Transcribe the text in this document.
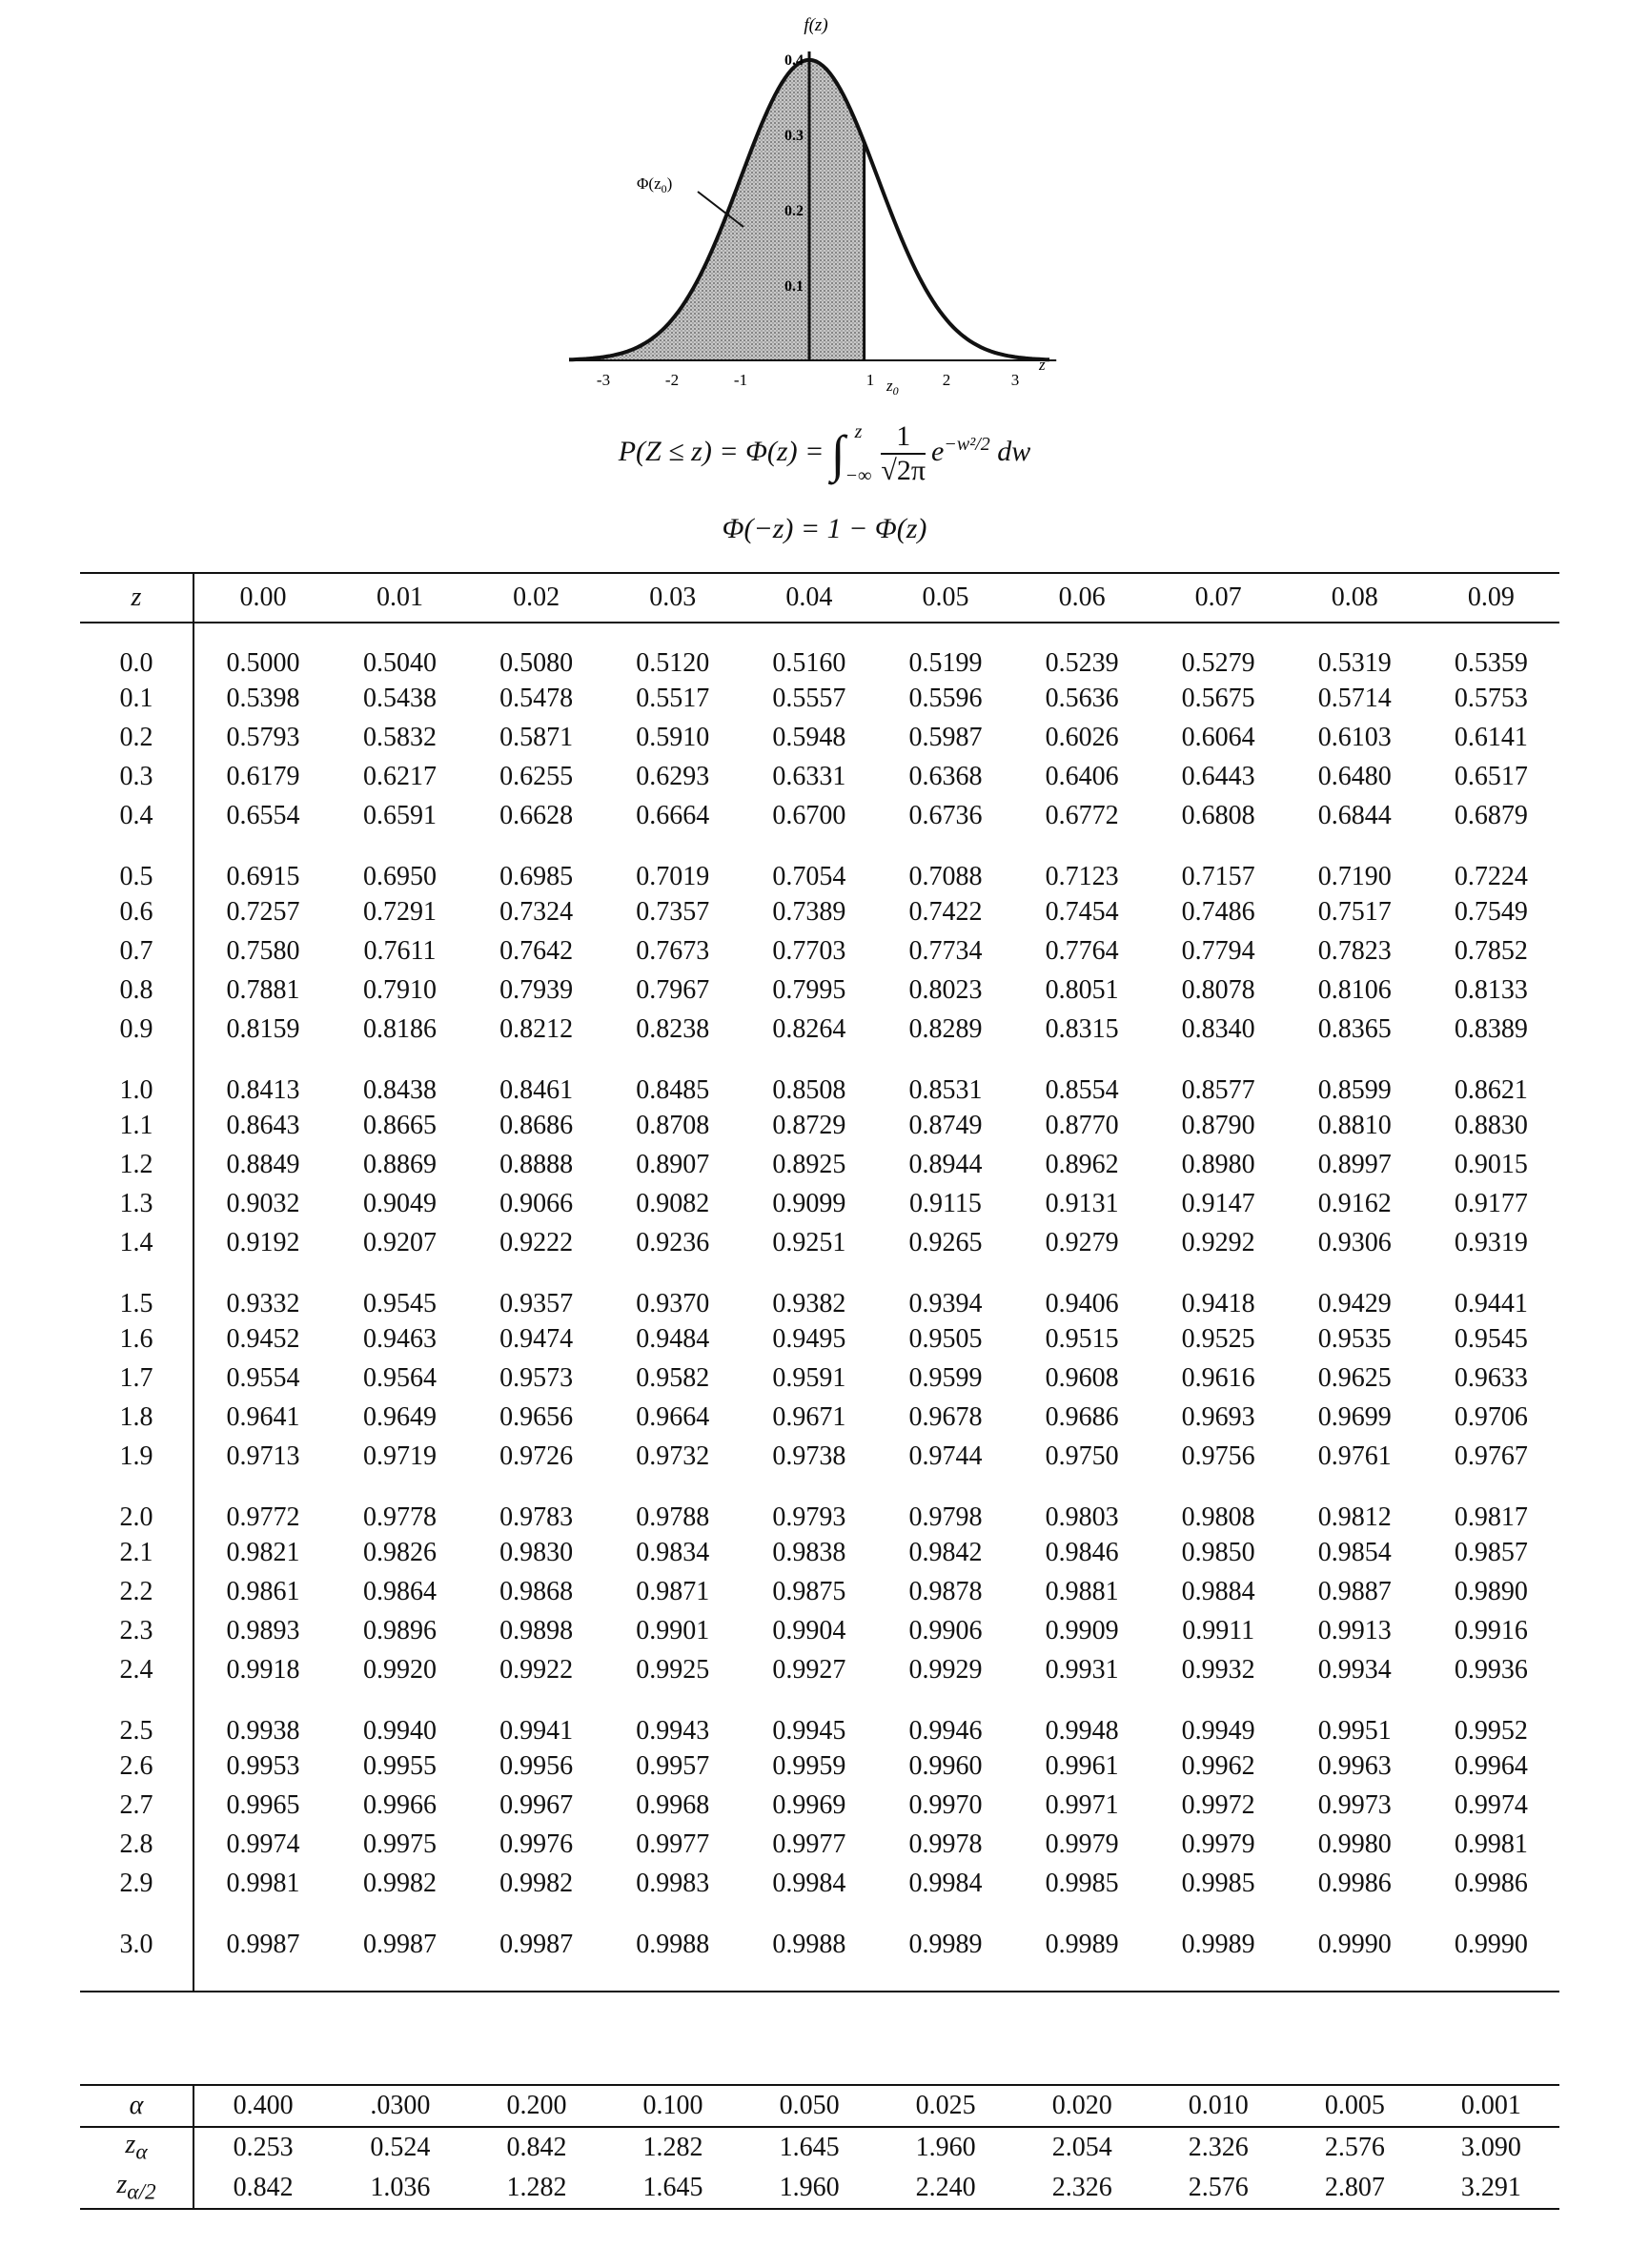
0.4
0.3
0.2
0.1
-3	-2	-1	1	2	3
f(z)
z
$\Phi(z_0)$
$z_0$
P(Z ≤ z) = Φ(z) = ∫ z
−∞ $\frac{1}{√2\pi} e^{-w^2/2}$ dw
Φ(−z) = 1 − Φ(z)
z	0.00	0.01	0.02	0.03	0.04	0.05	0.06	0.07	0.08	0.09
0.0	0.5000	0.5040	0.5080	0.5120	0.5160	0.5199	0.5239	0.5279	0.5319	0.5359
0.1	0.5398	0.5438	0.5478	0.5517	0.5557	0.5596	0.5636	0.5675	0.5714	0.5753
0.2	0.5793	0.5832	0.5871	0.5910	0.5948	0.5987	0.6026	0.6064	0.6103	0.6141
0.3	0.6179	0.6217	0.6255	0.6293	0.6331	0.6368	0.6406	0.6443	0.6480	0.6517
0.4	0.6554	0.6591	0.6628	0.6664	0.6700	0.6736	0.6772	0.6808	0.6844	0.6879
0.5	0.6915	0.6950	0.6985	0.7019	0.7054	0.7088	0.7123	0.7157	0.7190	0.7224
0.6	0.7257	0.7291	0.7324	0.7357	0.7389	0.7422	0.7454	0.7486	0.7517	0.7549
0.7	0.7580	0.7611	0.7642	0.7673	0.7703	0.7734	0.7764	0.7794	0.7823	0.7852
0.8	0.7881	0.7910	0.7939	0.7967	0.7995	0.8023	0.8051	0.8078	0.8106	0.8133
0.9	0.8159	0.8186	0.8212	0.8238	0.8264	0.8289	0.8315	0.8340	0.8365	0.8389
1.0	0.8413	0.8438	0.8461	0.8485	0.8508	0.8531	0.8554	0.8577	0.8599	0.8621
1.1	0.8643	0.8665	0.8686	0.8708	0.8729	0.8749	0.8770	0.8790	0.8810	0.8830
1.2	0.8849	0.8869	0.8888	0.8907	0.8925	0.8944	0.8962	0.8980	0.8997	0.9015
1.3	0.9032	0.9049	0.9066	0.9082	0.9099	0.9115	0.9131	0.9147	0.9162	0.9177
1.4	0.9192	0.9207	0.9222	0.9236	0.9251	0.9265	0.9279	0.9292	0.9306	0.9319
1.5	0.9332	0.9545	0.9357	0.9370	0.9382	0.9394	0.9406	0.9418	0.9429	0.9441
1.6	0.9452	0.9463	0.9474	0.9484	0.9495	0.9505	0.9515	0.9525	0.9535	0.9545
1.7	0.9554	0.9564	0.9573	0.9582	0.9591	0.9599	0.9608	0.9616	0.9625	0.9633
1.8	0.9641	0.9649	0.9656	0.9664	0.9671	0.9678	0.9686	0.9693	0.9699	0.9706
1.9	0.9713	0.9719	0.9726	0.9732	0.9738	0.9744	0.9750	0.9756	0.9761	0.9767
2.0	0.9772	0.9778	0.9783	0.9788	0.9793	0.9798	0.9803	0.9808	0.9812	0.9817
2.1	0.9821	0.9826	0.9830	0.9834	0.9838	0.9842	0.9846	0.9850	0.9854	0.9857
2.2	0.9861	0.9864	0.9868	0.9871	0.9875	0.9878	0.9881	0.9884	0.9887	0.9890
2.3	0.9893	0.9896	0.9898	0.9901	0.9904	0.9906	0.9909	0.9911	0.9913	0.9916
2.4	0.9918	0.9920	0.9922	0.9925	0.9927	0.9929	0.9931	0.9932	0.9934	0.9936
2.5	0.9938	0.9940	0.9941	0.9943	0.9945	0.9946	0.9948	0.9949	0.9951	0.9952
2.6	0.9953	0.9955	0.9956	0.9957	0.9959	0.9960	0.9961	0.9962	0.9963	0.9964
2.7	0.9965	0.9966	0.9967	0.9968	0.9969	0.9970	0.9971	0.9972	0.9973	0.9974
2.8	0.9974	0.9975	0.9976	0.9977	0.9977	0.9978	0.9979	0.9979	0.9980	0.9981
2.9	0.9981	0.9982	0.9982	0.9983	0.9984	0.9984	0.9985	0.9985	0.9986	0.9986
3.0	0.9987	0.9987	0.9987	0.9988	0.9988	0.9989	0.9989	0.9989	0.9990	0.9990
α	0.400	.0300	0.200	0.100	0.050	0.025	0.020	0.010	0.005	0.001
$z_\alpha$	0.253	0.524	0.842	1.282	1.645	1.960	2.054	2.326	2.576	3.090
$z_{\alpha/2}$	0.842	1.036	1.282	1.645	1.960	2.240	2.326	2.576	2.807	3.291
